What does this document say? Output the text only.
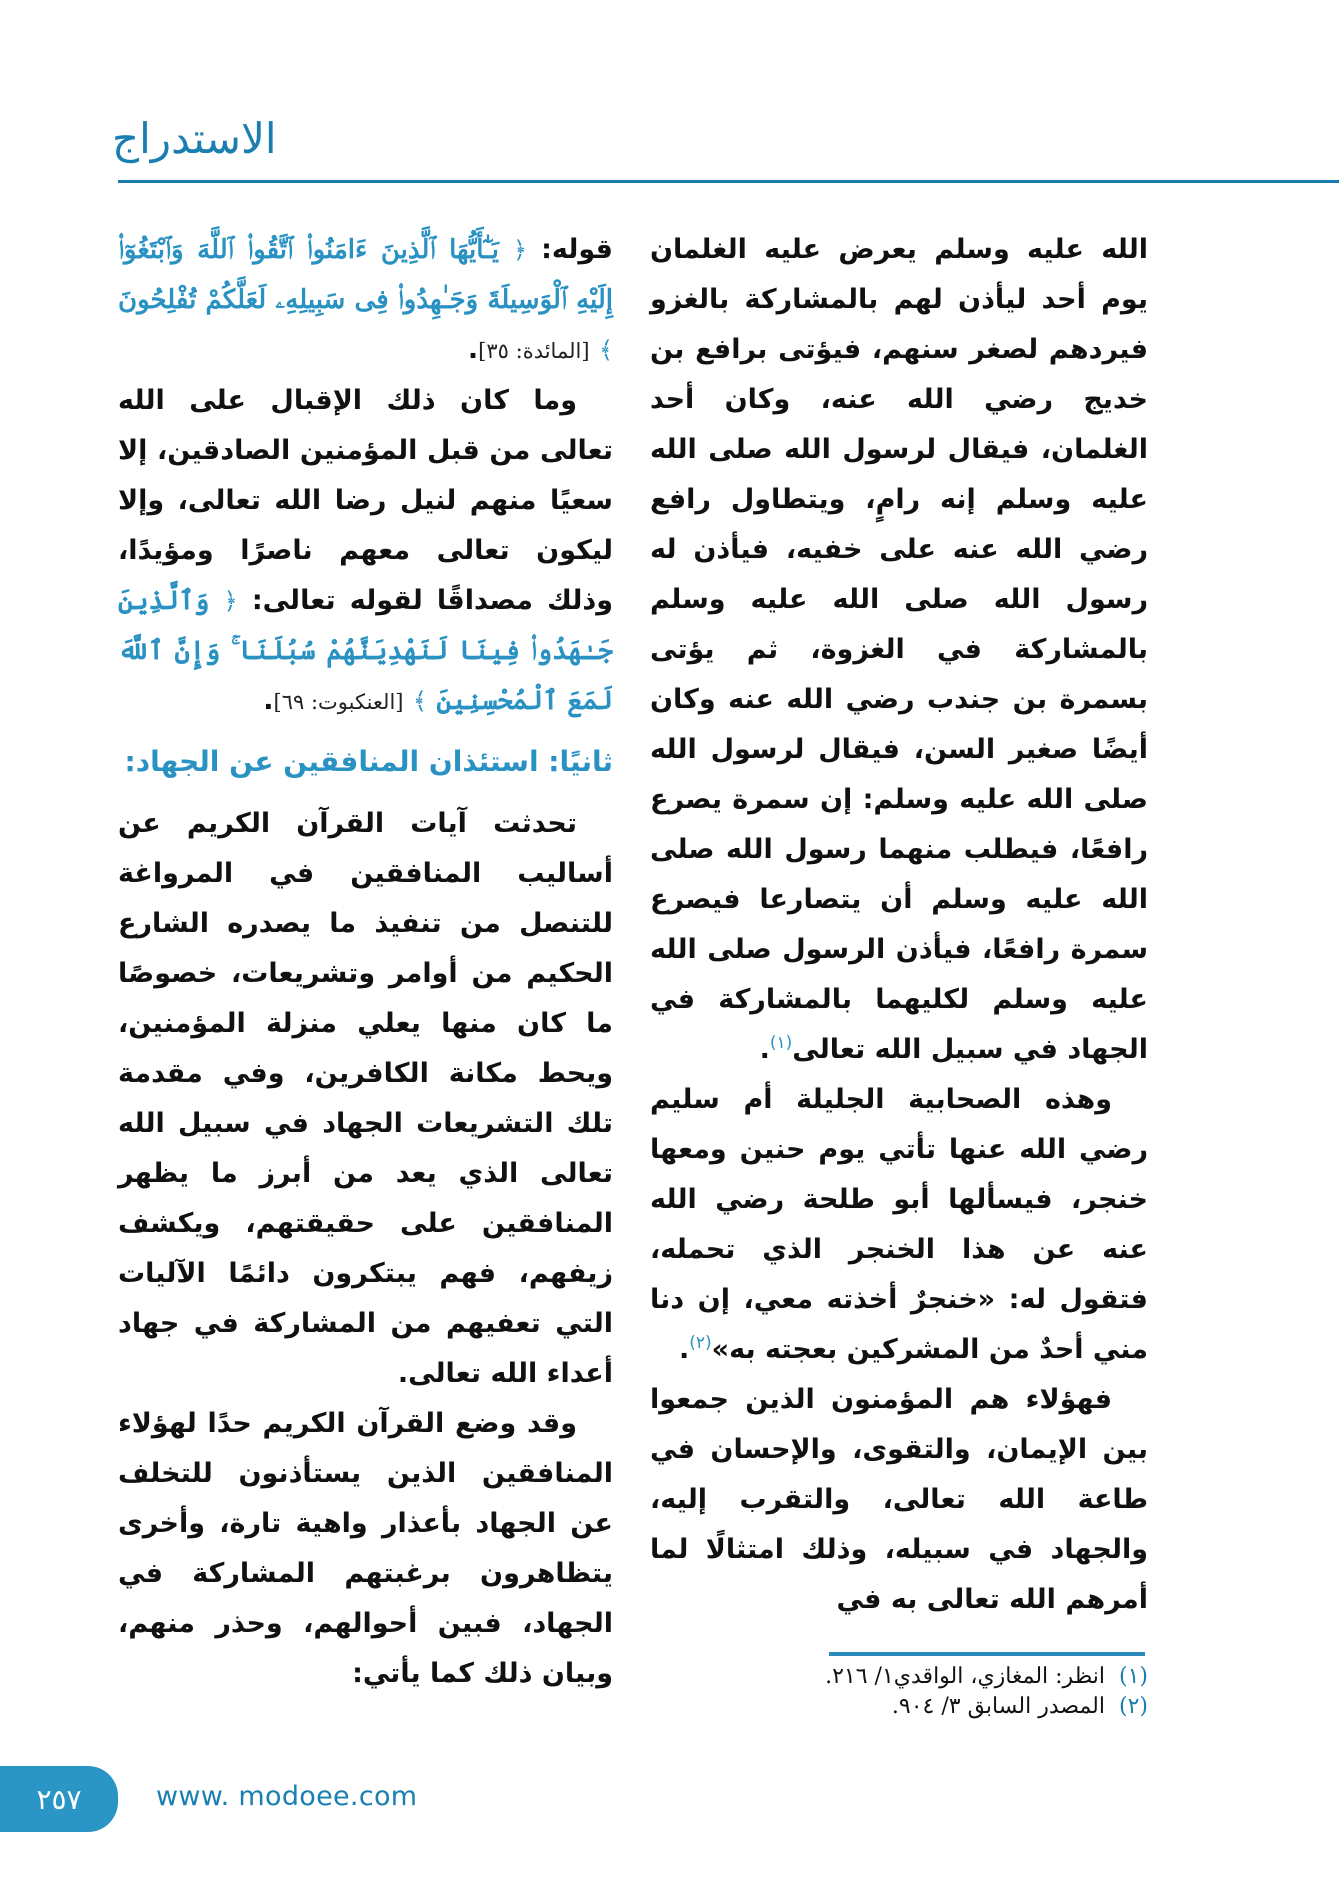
الاستدراج

الله عليه وسلم يعرض عليه الغلمان يوم أحد ليأذن لهم بالمشاركة بالغزو فيردهم لصغر سنهم، فيؤتى برافع بن خديج رضي الله عنه، وكان أحد الغلمان، فيقال لرسول الله صلى الله عليه وسلم إنه رامٍ، ويتطاول رافع رضي الله عنه على خفيه، فيأذن له رسول الله صلى الله عليه وسلم بالمشاركة في الغزوة، ثم يؤتى بسمرة بن جندب رضي الله عنه وكان أيضًا صغير السن، فيقال لرسول الله صلى الله عليه وسلم: إن سمرة يصرع رافعًا، فيطلب منهما رسول الله صلى الله عليه وسلم أن يتصارعا فيصرع سمرة رافعًا، فيأذن الرسول صلى الله عليه وسلم لكليهما بالمشاركة في الجهاد في سبيل الله تعالى$^{(١)}$.

وهذه الصحابية الجليلة أم سليم رضي الله عنها تأتي يوم حنين ومعها خنجر، فيسألها أبو طلحة رضي الله عنه عن هذا الخنجر الذي تحمله، فتقول له: «خنجرٌ أخذته معي، إن دنا مني أحدٌ من المشركين بعجته به»$^{(٢)}$.

فهؤلاء هم المؤمنون الذين جمعوا بين الإيمان، والتقوى، والإحسان في طاعة الله تعالى، والتقرب إليه، والجهاد في سبيله، وذلك امتثالًا لما أمرهم الله تعالى به في

قوله: ﴿ يَـٰٓأَيُّهَا ٱلَّذِينَ ءَامَنُوا۟ ٱتَّقُوا۟ ٱللَّهَ وَٱبْتَغُوٓا۟ إِلَيْهِ ٱلْوَسِيلَةَ وَجَـٰهِدُوا۟ فِى سَبِيلِهِۦ لَعَلَّكُمْ تُفْلِحُونَ ﴾ [المائدة: ٣٥].

وما كان ذلك الإقبال على الله تعالى من قبل المؤمنين الصادقين، إلا سعيًا منهم لنيل رضا الله تعالى، وإلا ليكون تعالى معهم ناصرًا ومؤيدًا، وذلك مصداقًا لقوله تعالى: ﴿ وَٱلَّذِينَ جَـٰهَدُوا۟ فِينَا لَنَهْدِيَنَّهُمْ سُبُلَنَا ۚ وَإِنَّ ٱللَّهَ لَمَعَ ٱلْمُحْسِنِينَ ﴾ [العنكبوت: ٦٩].

ثانيًا: استئذان المنافقين عن الجهاد:

تحدثت آيات القرآن الكريم عن أساليب المنافقين في المرواغة للتنصل من تنفيذ ما يصدره الشارع الحكيم من أوامر وتشريعات، خصوصًا ما كان منها يعلي منزلة المؤمنين، ويحط مكانة الكافرين، وفي مقدمة تلك التشريعات الجهاد في سبيل الله تعالى الذي يعد من أبرز ما يظهر المنافقين على حقيقتهم، ويكشف زيفهم، فهم يبتكرون دائمًا الآليات التي تعفيهم من المشاركة في جهاد أعداء الله تعالى.

وقد وضع القرآن الكريم حدًا لهؤلاء المنافقين الذين يستأذنون للتخلف عن الجهاد بأعذار واهية تارة، وأخرى يتظاهرون برغبتهم المشاركة في الجهاد، فبين أحوالهم، وحذر منهم، وبيان ذلك كما يأتي:	(١)
انظر: المغازي، الواقدي١/ ٢١٦.
(٢)
المصدر السابق ٣/ ٩٠٤.
٢٥٧	www. modoee.com
